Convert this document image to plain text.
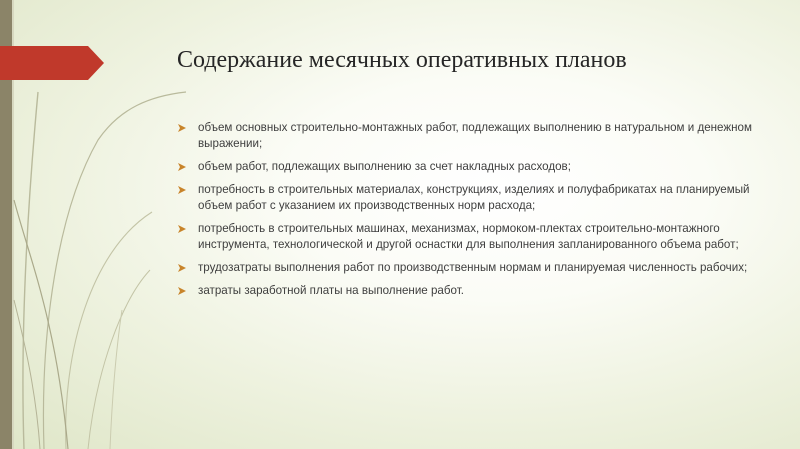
Содержание месячных оперативных планов
объем основных строительно-монтажных работ, подлежащих выполнению в натуральном и денежном выражении;
объем работ, подлежащих выполнению за счет накладных расходов;
потребность в строительных материалах, конструкциях, изделиях и полуфабрикатах на планируемый объем работ с указанием их производственных норм расхода;
потребность в строительных машинах, механизмах, нормоком-плектах строительно-монтажного инструмента, технологической и другой оснастки для выполнения запланированного объема работ;
трудозатраты выполнения работ по производственным нормам и планируемая численность рабочих;
затраты заработной платы на выполнение работ.
